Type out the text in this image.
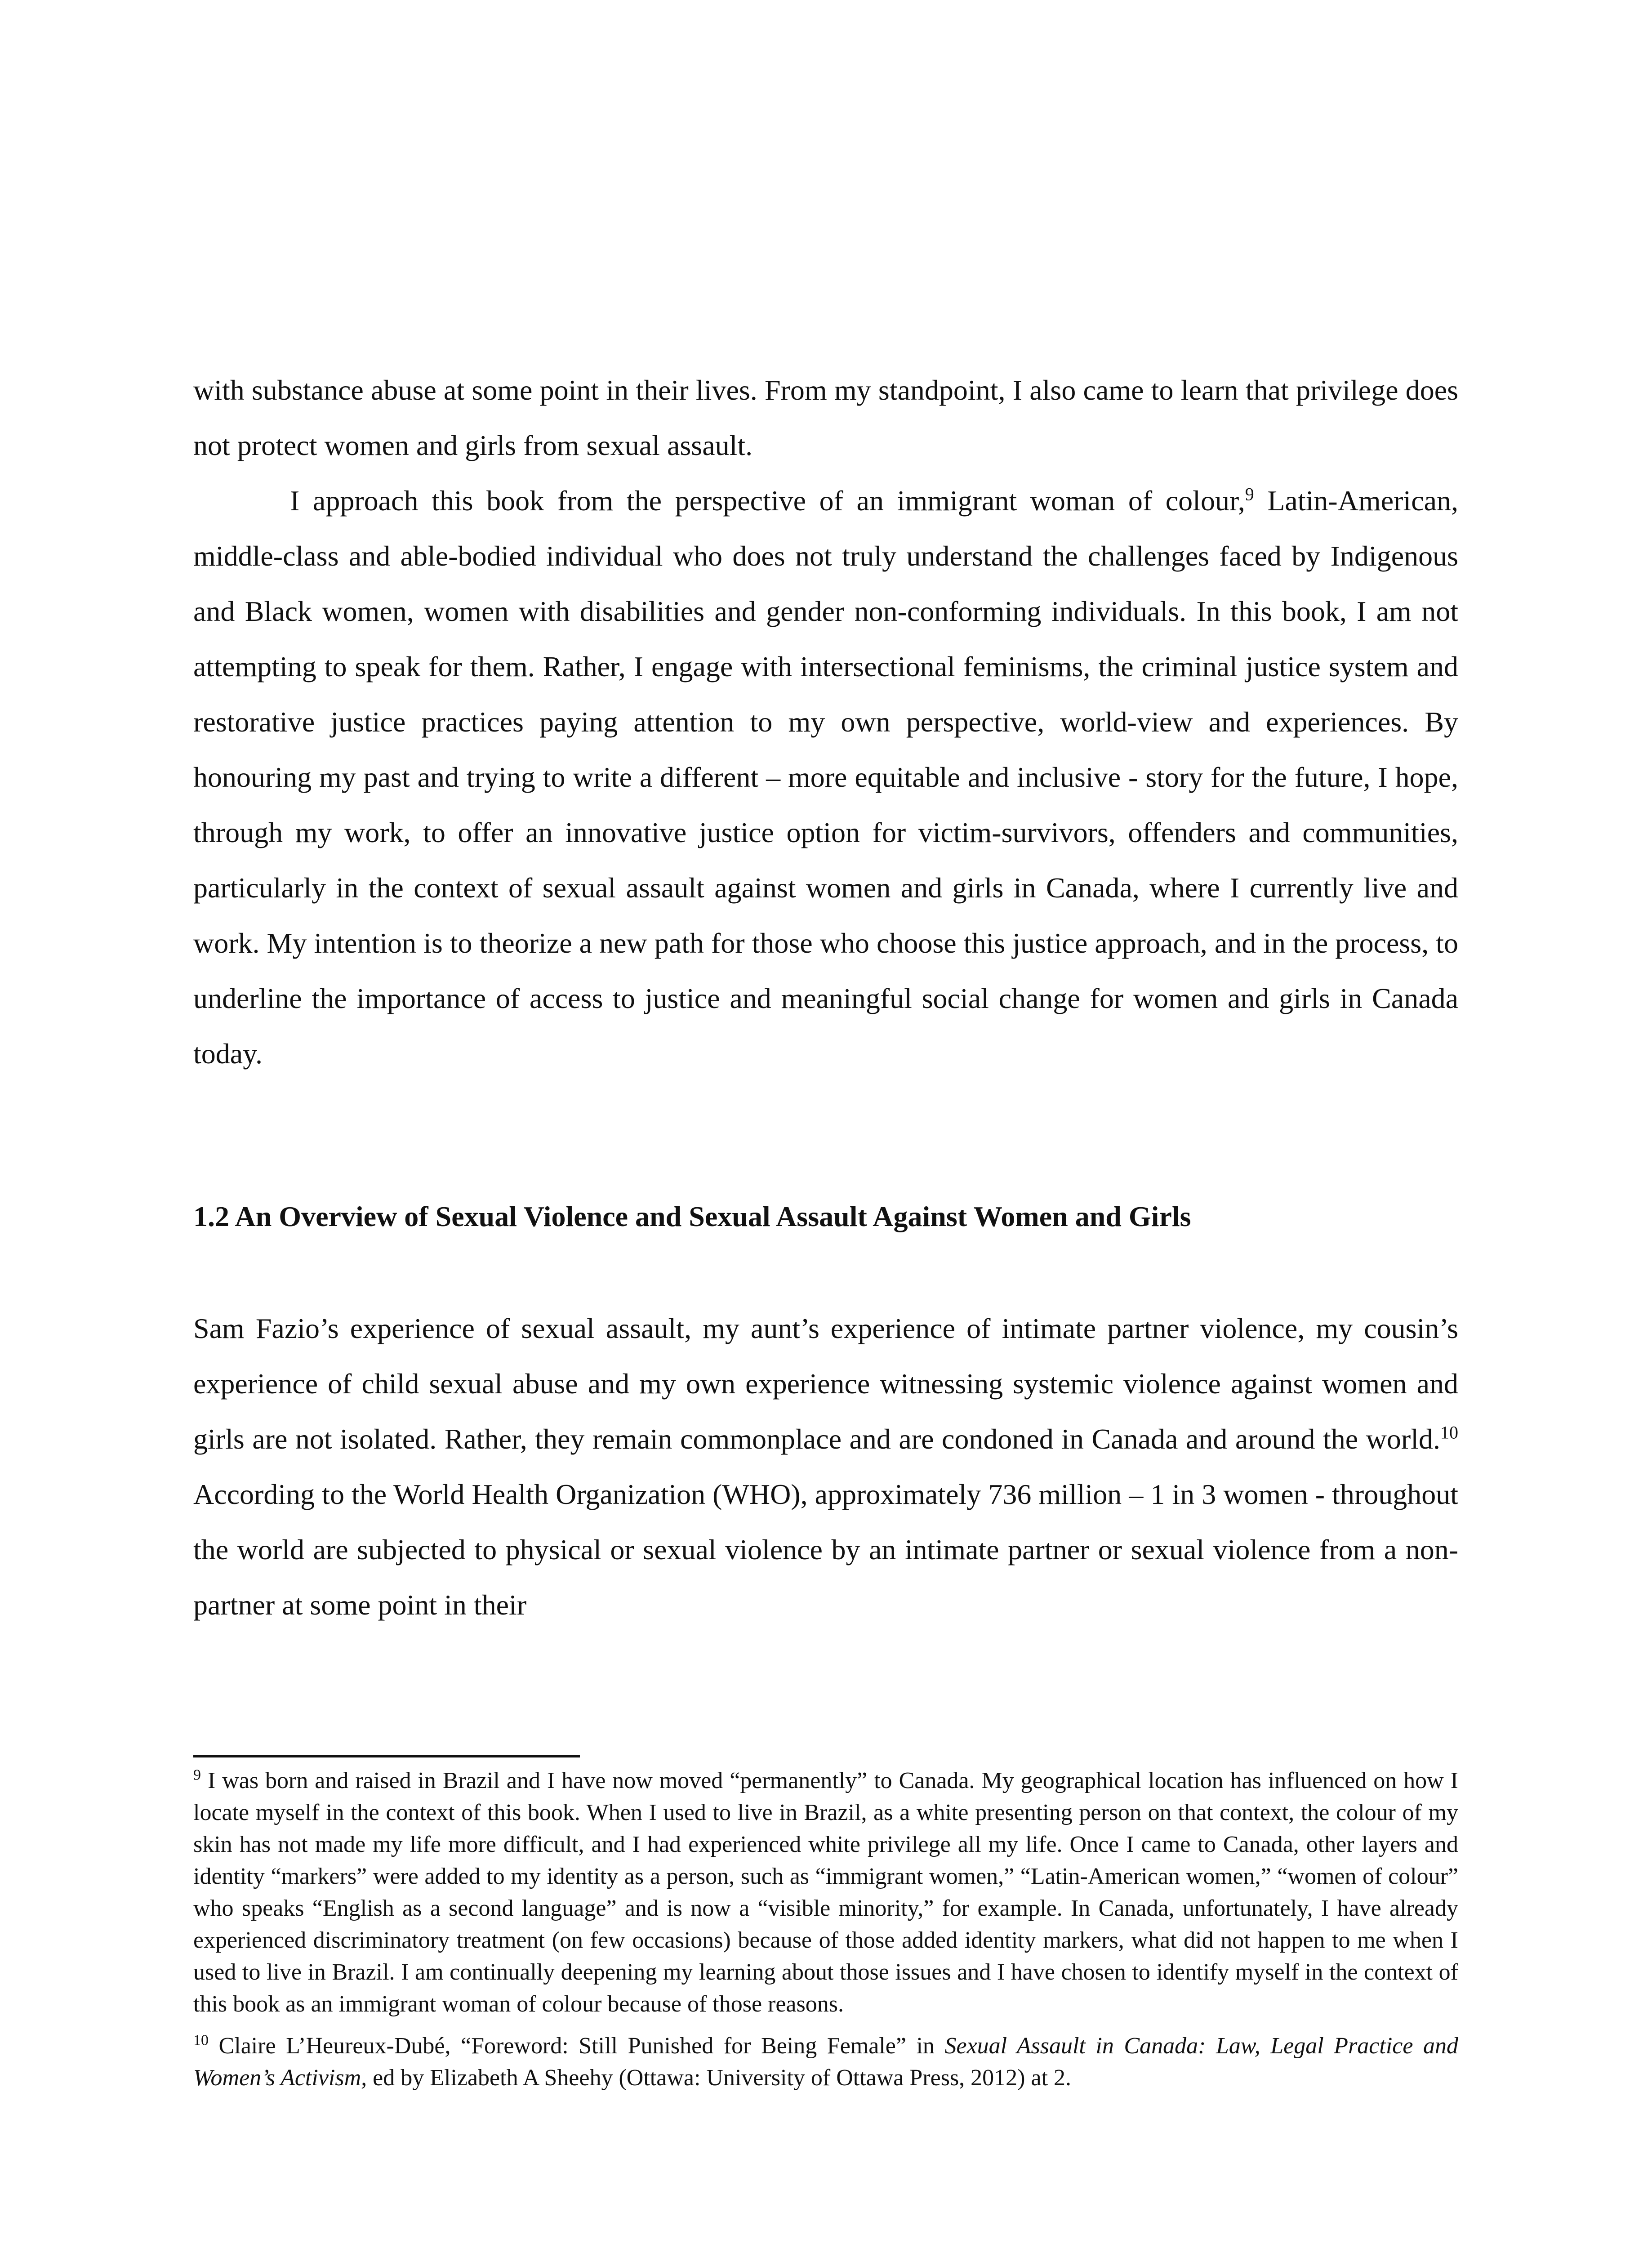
with substance abuse at some point in their lives. From my standpoint, I also came to learn that privilege does not protect women and girls from sexual assault.

I approach this book from the perspective of an immigrant woman of colour,$^9$ Latin-American, middle-class and able-bodied individual who does not truly understand the challenges faced by Indigenous and Black women, women with disabilities and gender non-conforming individuals. In this book, I am not attempting to speak for them. Rather, I engage with intersectional feminisms, the criminal justice system and restorative justice practices paying attention to my own perspective, world-view and experiences. By honouring my past and trying to write a different – more equitable and inclusive - story for the future, I hope, through my work, to offer an innovative justice option for victim-survivors, offenders and communities, particularly in the context of sexual assault against women and girls in Canada, where I currently live and work. My intention is to theorize a new path for those who choose this justice approach, and in the process, to underline the importance of access to justice and meaningful social change for women and girls in Canada today.

1.2 An Overview of Sexual Violence and Sexual Assault Against Women and Girls

Sam Fazio’s experience of sexual assault, my aunt’s experience of intimate partner violence, my cousin’s experience of child sexual abuse and my own experience witnessing systemic violence against women and girls are not isolated. Rather, they remain commonplace and are condoned in Canada and around the world.$^{10}$ According to the World Health Organization (WHO), approximately 736 million – 1 in 3 women - throughout the world are subjected to physical or sexual violence by an intimate partner or sexual violence from a non-partner at some point in their

$^9$ I was born and raised in Brazil and I have now moved “permanently” to Canada. My geographical location has influenced on how I locate myself in the context of this book. When I used to live in Brazil, as a white presenting person on that context, the colour of my skin has not made my life more difficult, and I had experienced white privilege all my life. Once I came to Canada, other layers and identity “markers” were added to my identity as a person, such as “immigrant women,” “Latin-American women,” “women of colour” who speaks “English as a second language” and is now a “visible minority,” for example. In Canada, unfortunately, I have already experienced discriminatory treatment (on few occasions) because of those added identity markers, what did not happen to me when I used to live in Brazil. I am continually deepening my learning about those issues and I have chosen to identify myself in the context of this book as an immigrant woman of colour because of those reasons.

$^{10}$ Claire L’Heureux-Dubé, “Foreword: Still Punished for Being Female” in Sexual Assault in Canada: Law, Legal Practice and Women’s Activism, ed by Elizabeth A Sheehy (Ottawa: University of Ottawa Press, 2012) at 2.
